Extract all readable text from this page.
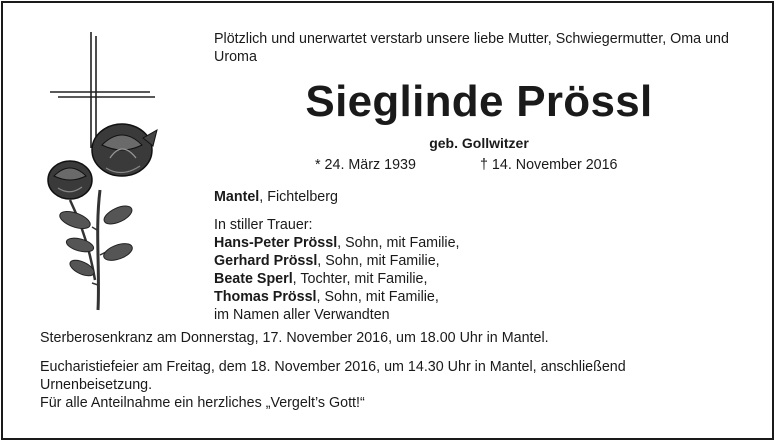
Plötzlich und unerwartet verstarb unsere liebe Mutter, Schwiegermutter, Oma und Uroma
Sieglinde Prössl
geb. Gollwitzer
* 24. März 1939	† 14. November 2016
Mantel, Fichtelberg
In stiller Trauer:
Hans-Peter Prössl, Sohn, mit Familie,
Gerhard Prössl, Sohn, mit Familie,
Beate Sperl, Tochter, mit Familie,
Thomas Prössl, Sohn, mit Familie,
im Namen aller Verwandten
Sterberosenkranz am Donnerstag, 17. November 2016, um 18.00 Uhr in Mantel.
Eucharistiefeier am Freitag, dem 18. November 2016, um 14.30 Uhr in Mantel, anschließend Urnenbeisetzung.
Für alle Anteilnahme ein herzliches „Vergelt’s Gott!“
